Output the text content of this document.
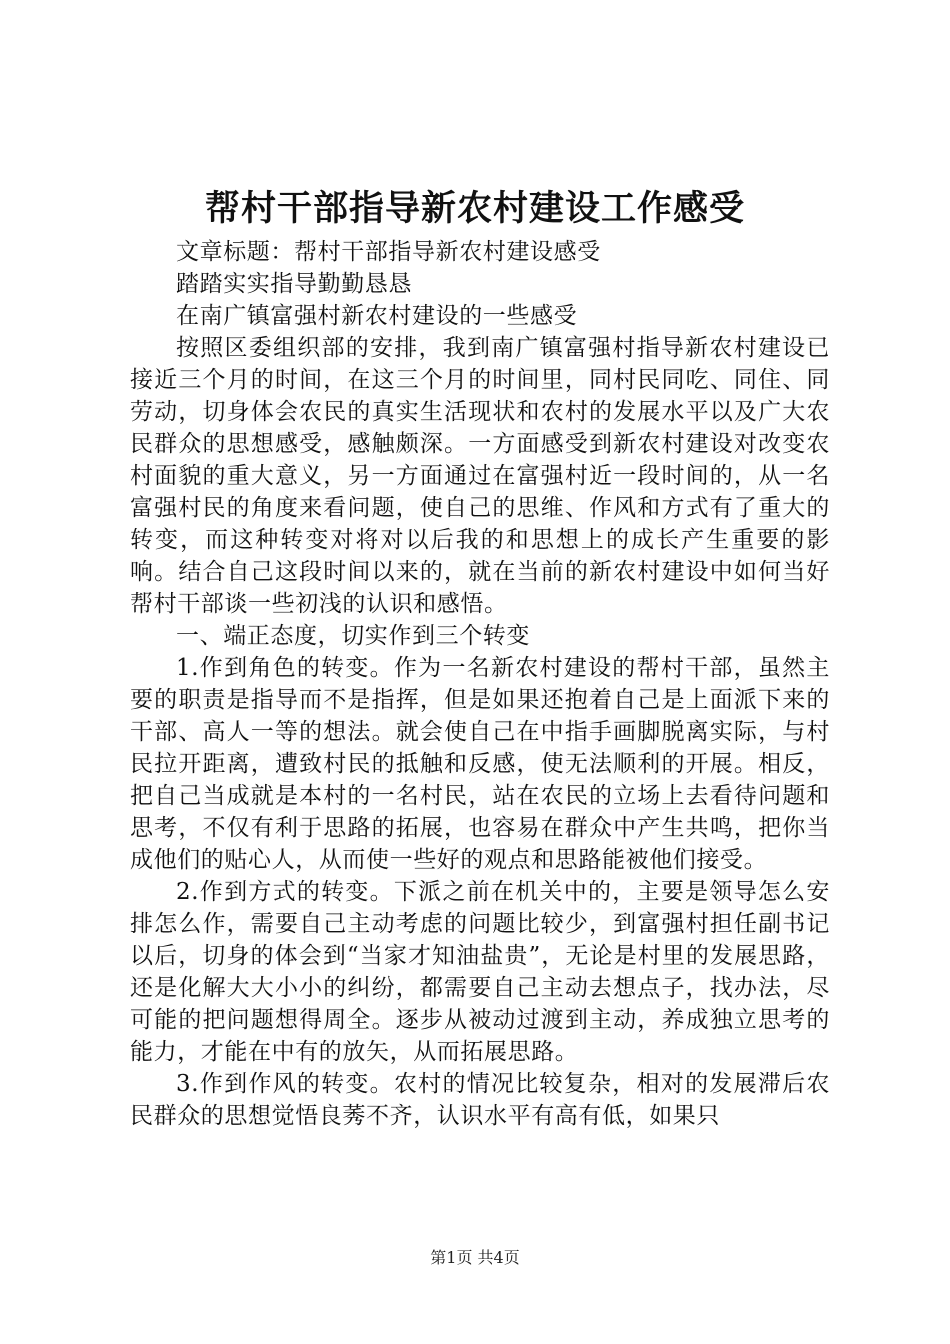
帮村干部指导新农村建设工作感受

文章标题：帮村干部指导新农村建设感受

踏踏实实指导勤勤恳恳

在南广镇富强村新农村建设的一些感受

按照区委组织部的安排，我到南广镇富强村指导新农村建设已接近三个月的时间，在这三个月的时间里，同村民同吃、同住、同劳动，切身体会农民的真实生活现状和农村的发展水平以及广大农民群众的思想感受，感触颇深。一方面感受到新农村建设对改变农村面貌的重大意义，另一方面通过在富强村近一段时间的，从一名富强村民的角度来看问题，使自己的思维、作风和方式有了重大的转变，而这种转变对将对以后我的和思想上的成长产生重要的影响。结合自己这段时间以来的，就在当前的新农村建设中如何当好帮村干部谈一些初浅的认识和感悟。

一、端正态度，切实作到三个转变

1.作到角色的转变。作为一名新农村建设的帮村干部，虽然主要的职责是指导而不是指挥，但是如果还抱着自己是上面派下来的干部、高人一等的想法。就会使自己在中指手画脚脱离实际，与村民拉开距离，遭致村民的抵触和反感，使无法顺利的开展。相反，把自己当成就是本村的一名村民，站在农民的立场上去看待问题和思考，不仅有利于思路的拓展，也容易在群众中产生共鸣，把你当成他们的贴心人，从而使一些好的观点和思路能被他们接受。

2.作到方式的转变。下派之前在机关中的，主要是领导怎么安排怎么作，需要自己主动考虑的问题比较少，到富强村担任副书记以后，切身的体会到“当家才知油盐贵”，无论是村里的发展思路，还是化解大大小小的纠纷，都需要自己主动去想点子，找办法，尽可能的把问题想得周全。逐步从被动过渡到主动，养成独立思考的能力，才能在中有的放矢，从而拓展思路。

3.作到作风的转变。农村的情况比较复杂，相对的发展滞后农民群众的思想觉悟良莠不齐，认识水平有高有低，如果只

第1页 共4页
